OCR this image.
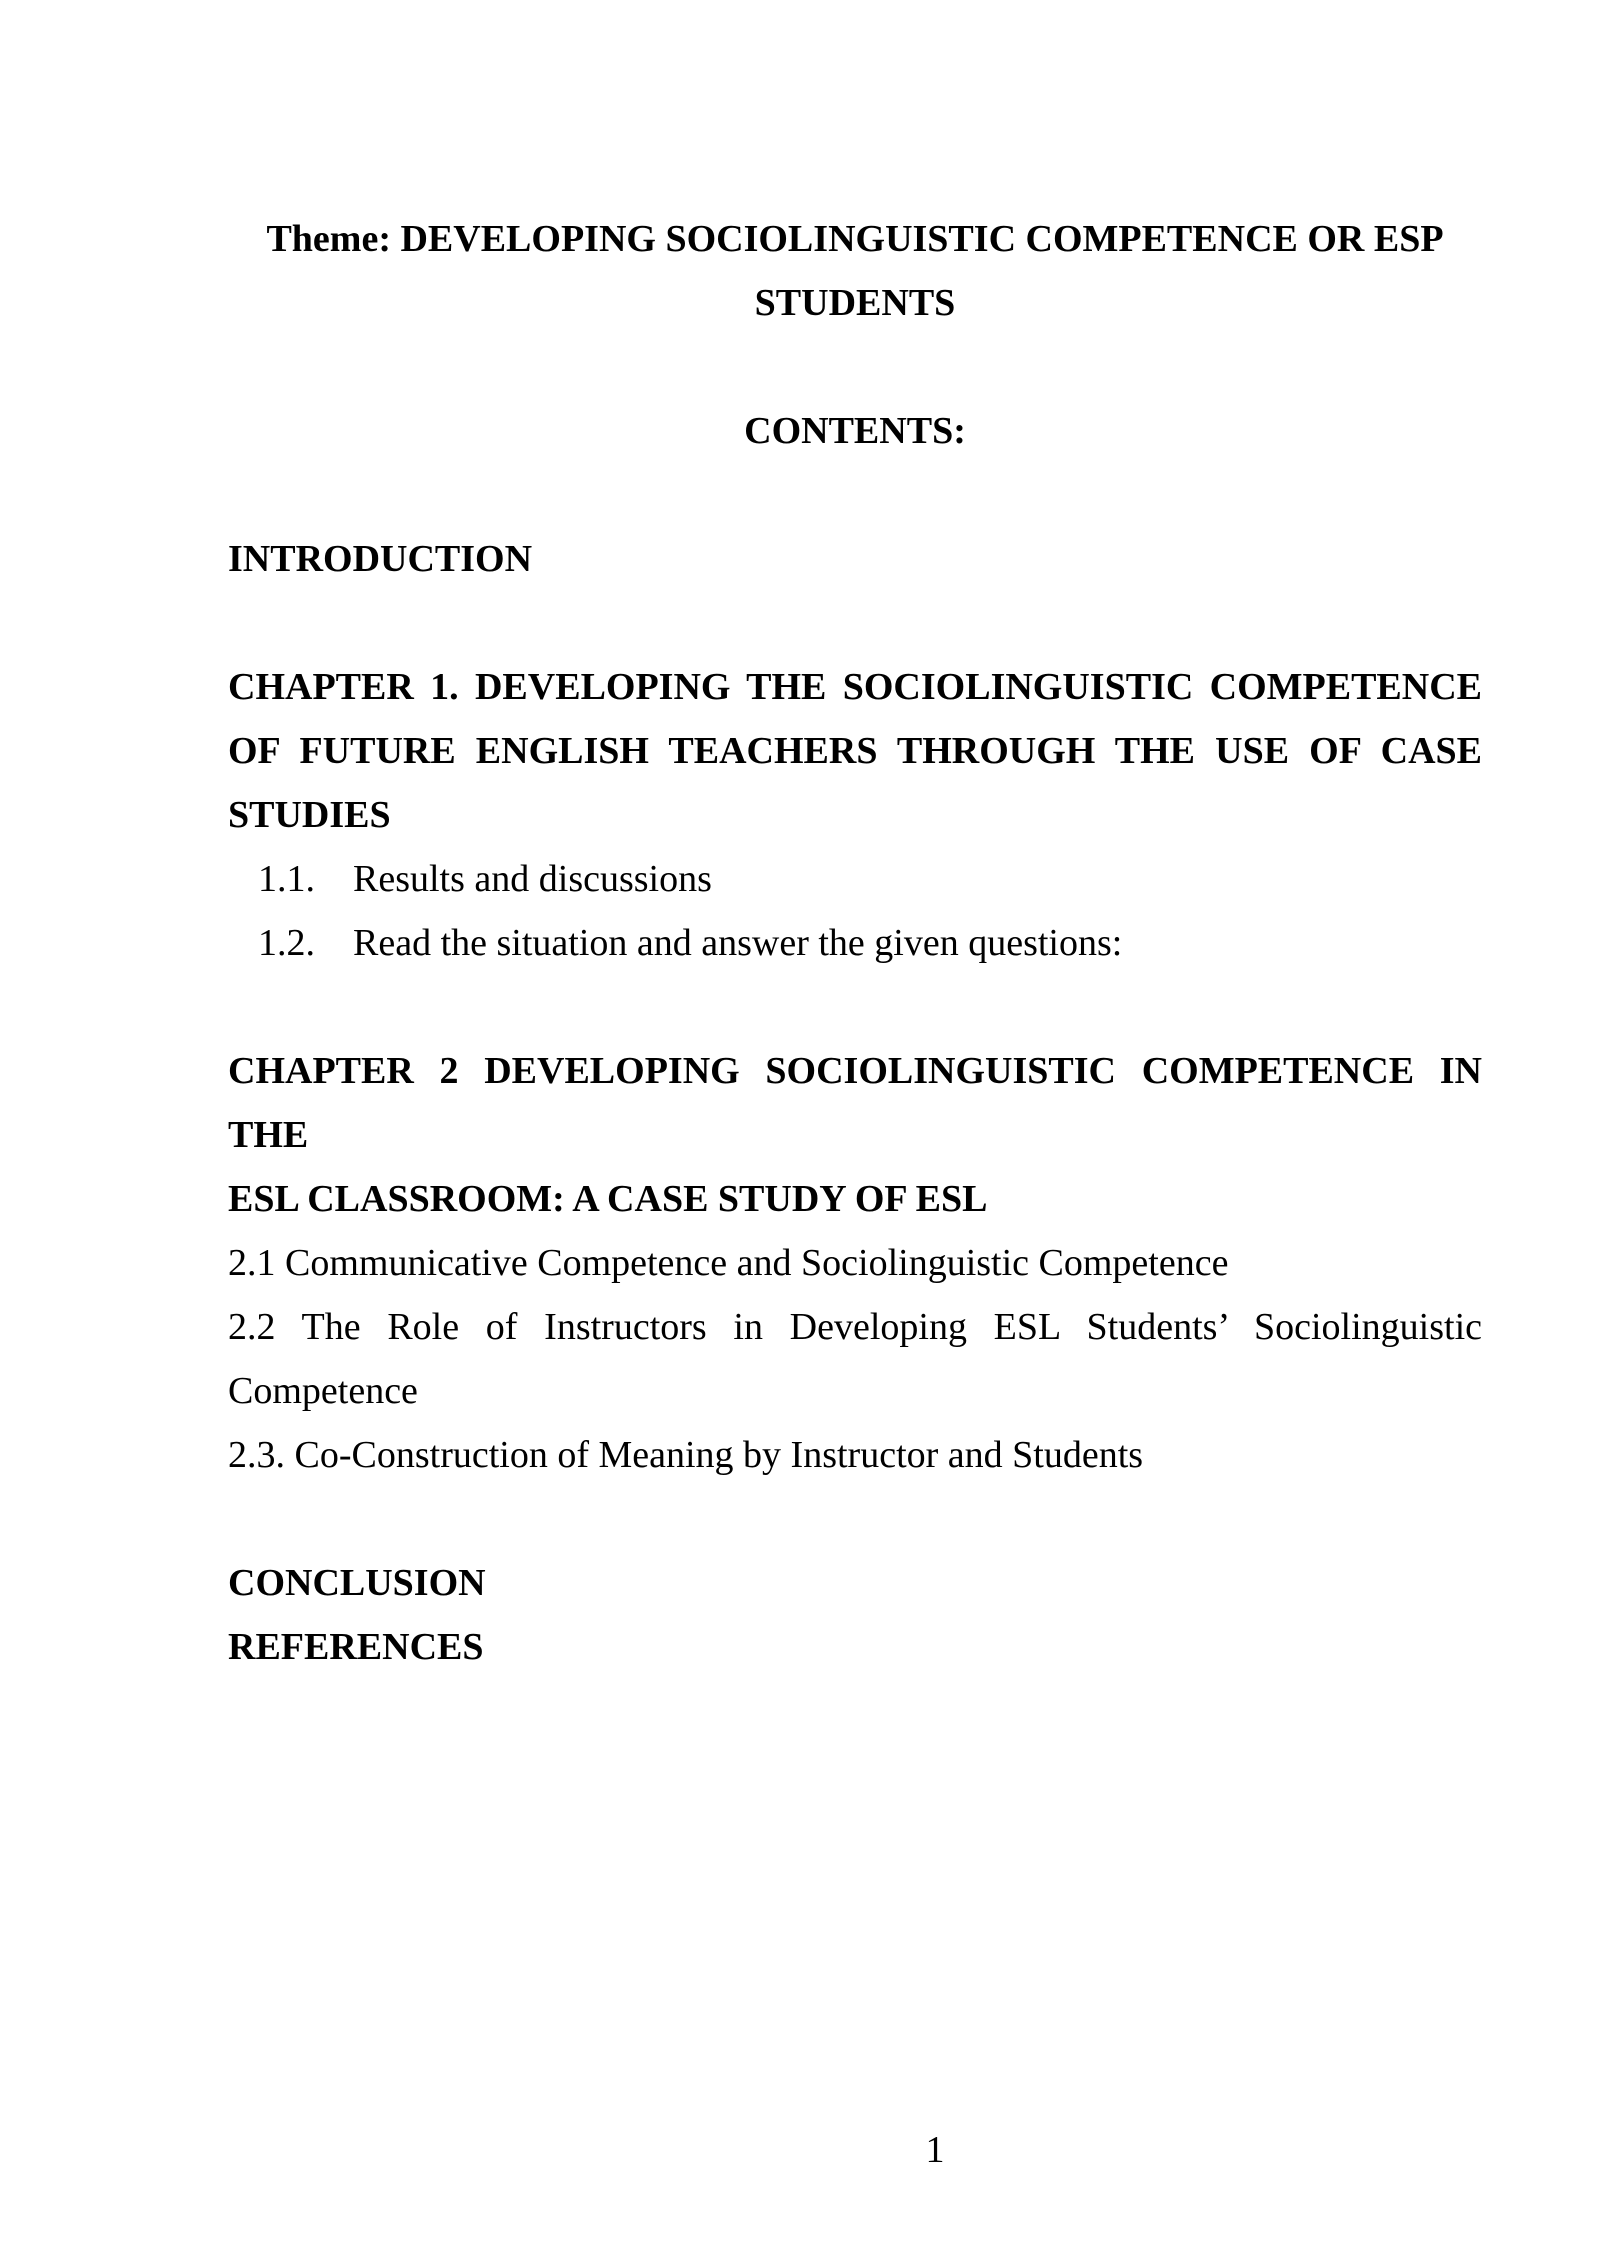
Theme: DEVELOPING SOCIOLINGUISTIC COMPETENCE OR ESP
STUDENTS
CONTENTS:
INTRODUCTION
CHAPTER 1. DEVELOPING THE SOCIOLINGUISTIC COMPETENCE
OF FUTURE ENGLISH TEACHERS THROUGH THE USE OF CASE
STUDIES
1.1. Results and discussions
1.2. Read the situation and answer the given questions:
CHAPTER 2 DEVELOPING SOCIOLINGUISTIC COMPETENCE IN THE
ESL CLASSROOM: A CASE STUDY OF ESL
2.1 Communicative Competence and Sociolinguistic Competence
2.2 The Role of Instructors in Developing ESL Students’ Sociolinguistic
Competence
2.3. Co-Construction of Meaning by Instructor and Students
CONCLUSION
REFERENCES
1
